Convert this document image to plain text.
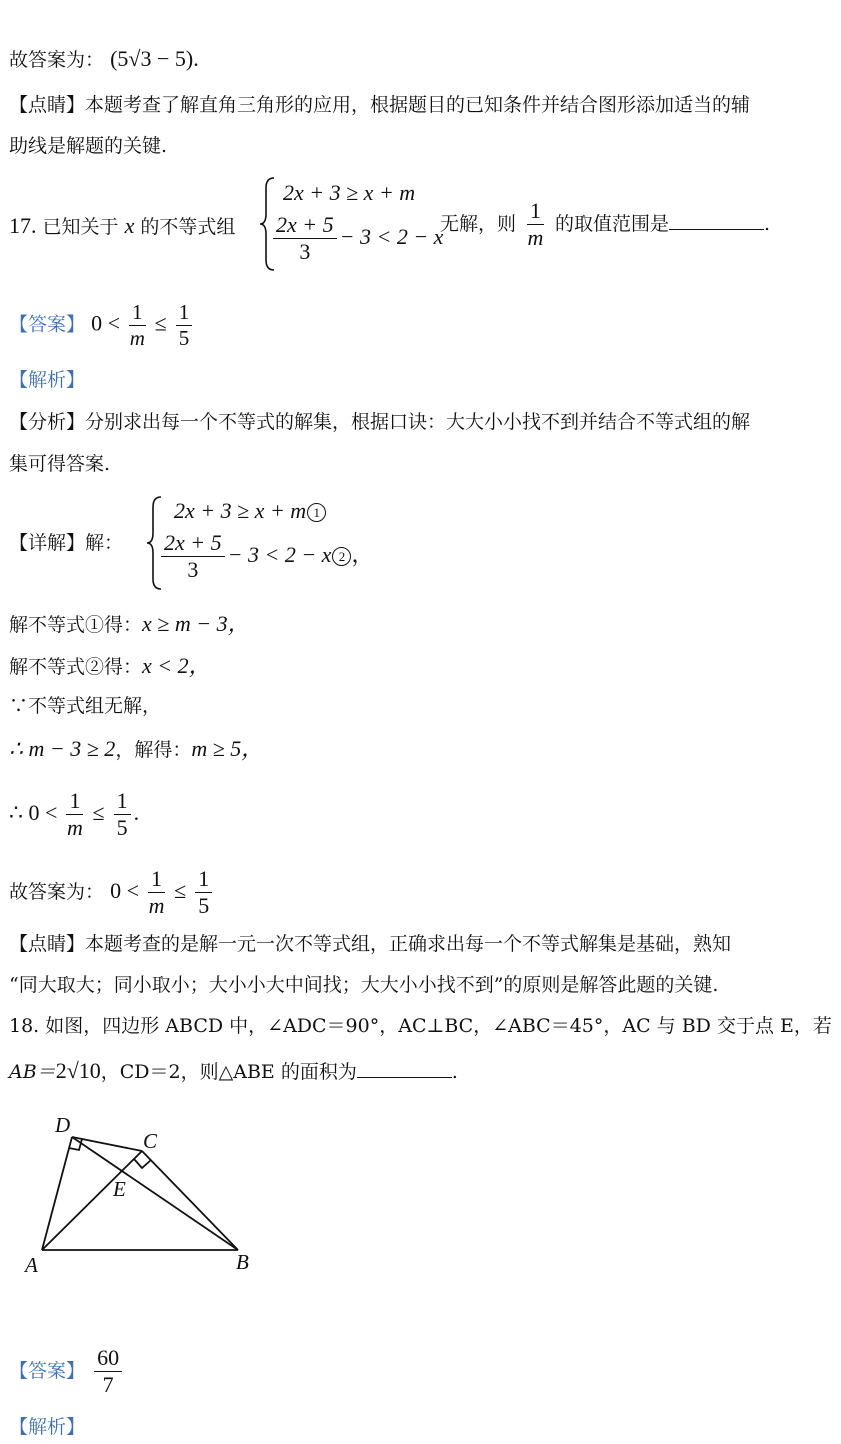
故答案为： (5√3 − 5).
【点睛】本题考查了解直角三角形的应用，根据题目的已知条件并结合图形添加适当的辅
助线是解题的关键.
17. 已知关于 x 的不等式组
2x + 3 ≥ x + m
$\frac{2x + 5}{3} - 3 < 2 - x$
无解，则 $\frac{1}{m}$ 的取值范围是	.
【答案】 $0 < \frac{1}{m} \le \frac{1}{5}$
【解析】
【分析】分别求出每一个不等式的解集，根据口诀：大大小小找不到并结合不等式组的解
集可得答案.
【详解】解：
2x + 3 ≥ x + m 1
$\frac{2x + 5}{3} - 3 < 2 - x$ 2 ，
解不等式①得：x ≥ m − 3，
解不等式②得：x < 2，
∵不等式组无解，
∴ m − 3 ≥ 2，解得：m ≥ 5，
∴ $0 < \frac{1}{m} \le \frac{1}{5}$ .
故答案为： $0 < \frac{1}{m} \le \frac{1}{5}$
【点睛】本题考查的是解一元一次不等式组，正确求出每一个不等式解集是基础，熟知
“同大取大；同小取小；大小小大中间找；大大小小找不到”的原则是解答此题的关键.
18. 如图，四边形 ABCD 中，∠ADC＝90°，AC⊥BC，∠ABC＝45°，AC 与 BD 交于点 E，若
AB＝2√10，CD＝2，则△ABE 的面积为	.
D
C
E
A	B
【答案】 $\frac{60}{7}$
【解析】
